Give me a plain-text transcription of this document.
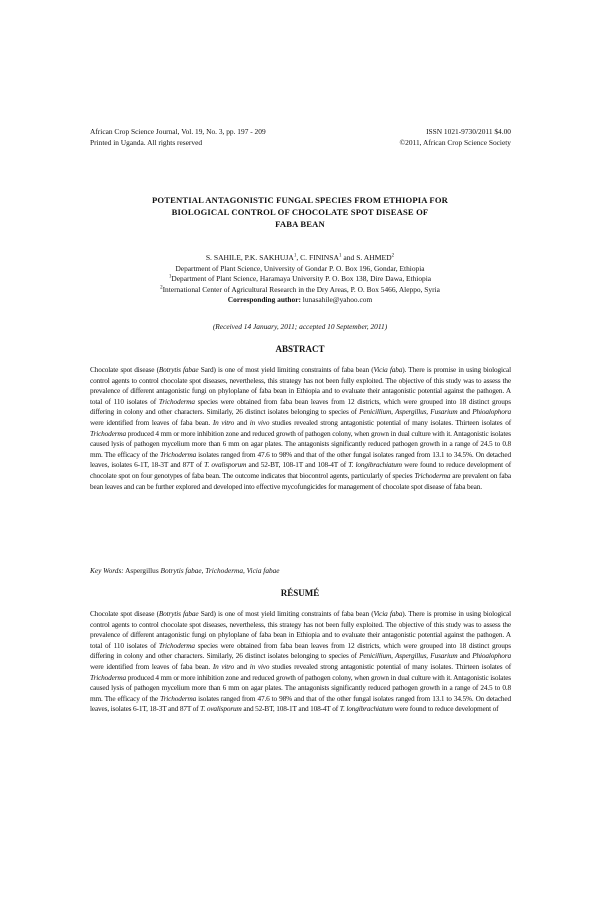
African Crop Science Journal, Vol. 19, No. 3, pp. 197 - 209
Printed in Uganda. All rights reserved
ISSN 1021-9730/2011 $4.00
©2011, African Crop Science Society
POTENTIAL ANTAGONISTIC FUNGAL SPECIES FROM ETHIOPIA FOR
BIOLOGICAL CONTROL OF CHOCOLATE SPOT DISEASE OF
FABA BEAN
S. SAHILE, P.K. SAKHUJA$^1$, C. FININSA$^1$ and S. AHMED$^2$
Department of Plant Science, University of Gondar P. O. Box 196, Gondar, Ethiopia
$^1$Department of Plant Science, Haramaya University P. O. Box 138, Dire Dawa, Ethiopia
$^2$International Center of Agricultural Research in the Dry Areas, P. O. Box 5466, Aleppo, Syria
Corresponding author: lunasahile@yahoo.com
(Received 14 January, 2011; accepted 10 September, 2011)
ABSTRACT
Chocolate spot disease (Botrytis fabae Sard) is one of most yield limiting constraints of faba bean (Vicia faba). There is promise in using biological control agents to control chocolate spot diseases, nevertheless, this strategy has not been fully exploited. The objective of this study was to assess the prevalence of different antagonistic fungi on phyloplane of faba bean in Ethiopia and to evaluate their antagonistic potential against the pathogen. A total of 110 isolates of Trichoderma species were obtained from faba bean leaves from 12 districts, which were grouped into 18 distinct groups differing in colony and other characters. Similarly, 26 distinct isolates belonging to species of Penicillium, Aspergillus, Fusarium and Phioalophora were identified from leaves of faba bean. In vitro and in vivo studies revealed strong antagonistic potential of many isolates. Thirteen isolates of Trichoderma produced 4 mm or more inhibition zone and reduced growth of pathogen colony, when grown in dual culture with it. Antagonistic isolates caused lysis of pathogen mycelium more than 6 mm on agar plates. The antagonists significantly reduced pathogen growth in a range of 24.5 to 0.8 mm. The efficacy of the Trichoderma isolates ranged from 47.6 to 98% and that of the other fungal isolates ranged from 13.1 to 34.5%. On detached leaves, isolates 6-1T, 18-3T and 87T of T. ovalisporum and 52-BT, 108-1T and 108-4T of T. longibrachiatum were found to reduce development of chocolate spot on four genotypes of faba bean. The outcome indicates that biocontrol agents, particularly of species Trichoderma are prevalent on faba bean leaves and can be further explored and developed into effective mycofungicides for management of chocolate spot disease of faba bean.
Key Words: Aspergillus Botrytis fabae, Trichoderma, Vicia fabae
RÉSUMÉ
Chocolate spot disease (Botrytis fabae Sard) is one of most yield limiting constraints of faba bean (Vicia faba). There is promise in using biological control agents to control chocolate spot diseases, nevertheless, this strategy has not been fully exploited. The objective of this study was to assess the prevalence of different antagonistic fungi on phyloplane of faba bean in Ethiopia and to evaluate their antagonistic potential against the pathogen. A total of 110 isolates of Trichoderma species were obtained from faba bean leaves from 12 districts, which were grouped into 18 distinct groups differing in colony and other characters. Similarly, 26 distinct isolates belonging to species of Penicillium, Aspergillus, Fusarium and Phioalophora were identified from leaves of faba bean. In vitro and in vivo studies revealed strong antagonistic potential of many isolates. Thirteen isolates of Trichoderma produced 4 mm or more inhibition zone and reduced growth of pathogen colony, when grown in dual culture with it. Antagonistic isolates caused lysis of pathogen mycelium more than 6 mm on agar plates. The antagonists significantly reduced pathogen growth in a range of 24.5 to 0.8 mm. The efficacy of the Trichoderma isolates ranged from 47.6 to 98% and that of the other fungal isolates ranged from 13.1 to 34.5%. On detached leaves, isolates 6-1T, 18-3T and 87T of T. ovalisporum and 52-BT, 108-1T and 108-4T of T. longibrachiatum were found to reduce development of
